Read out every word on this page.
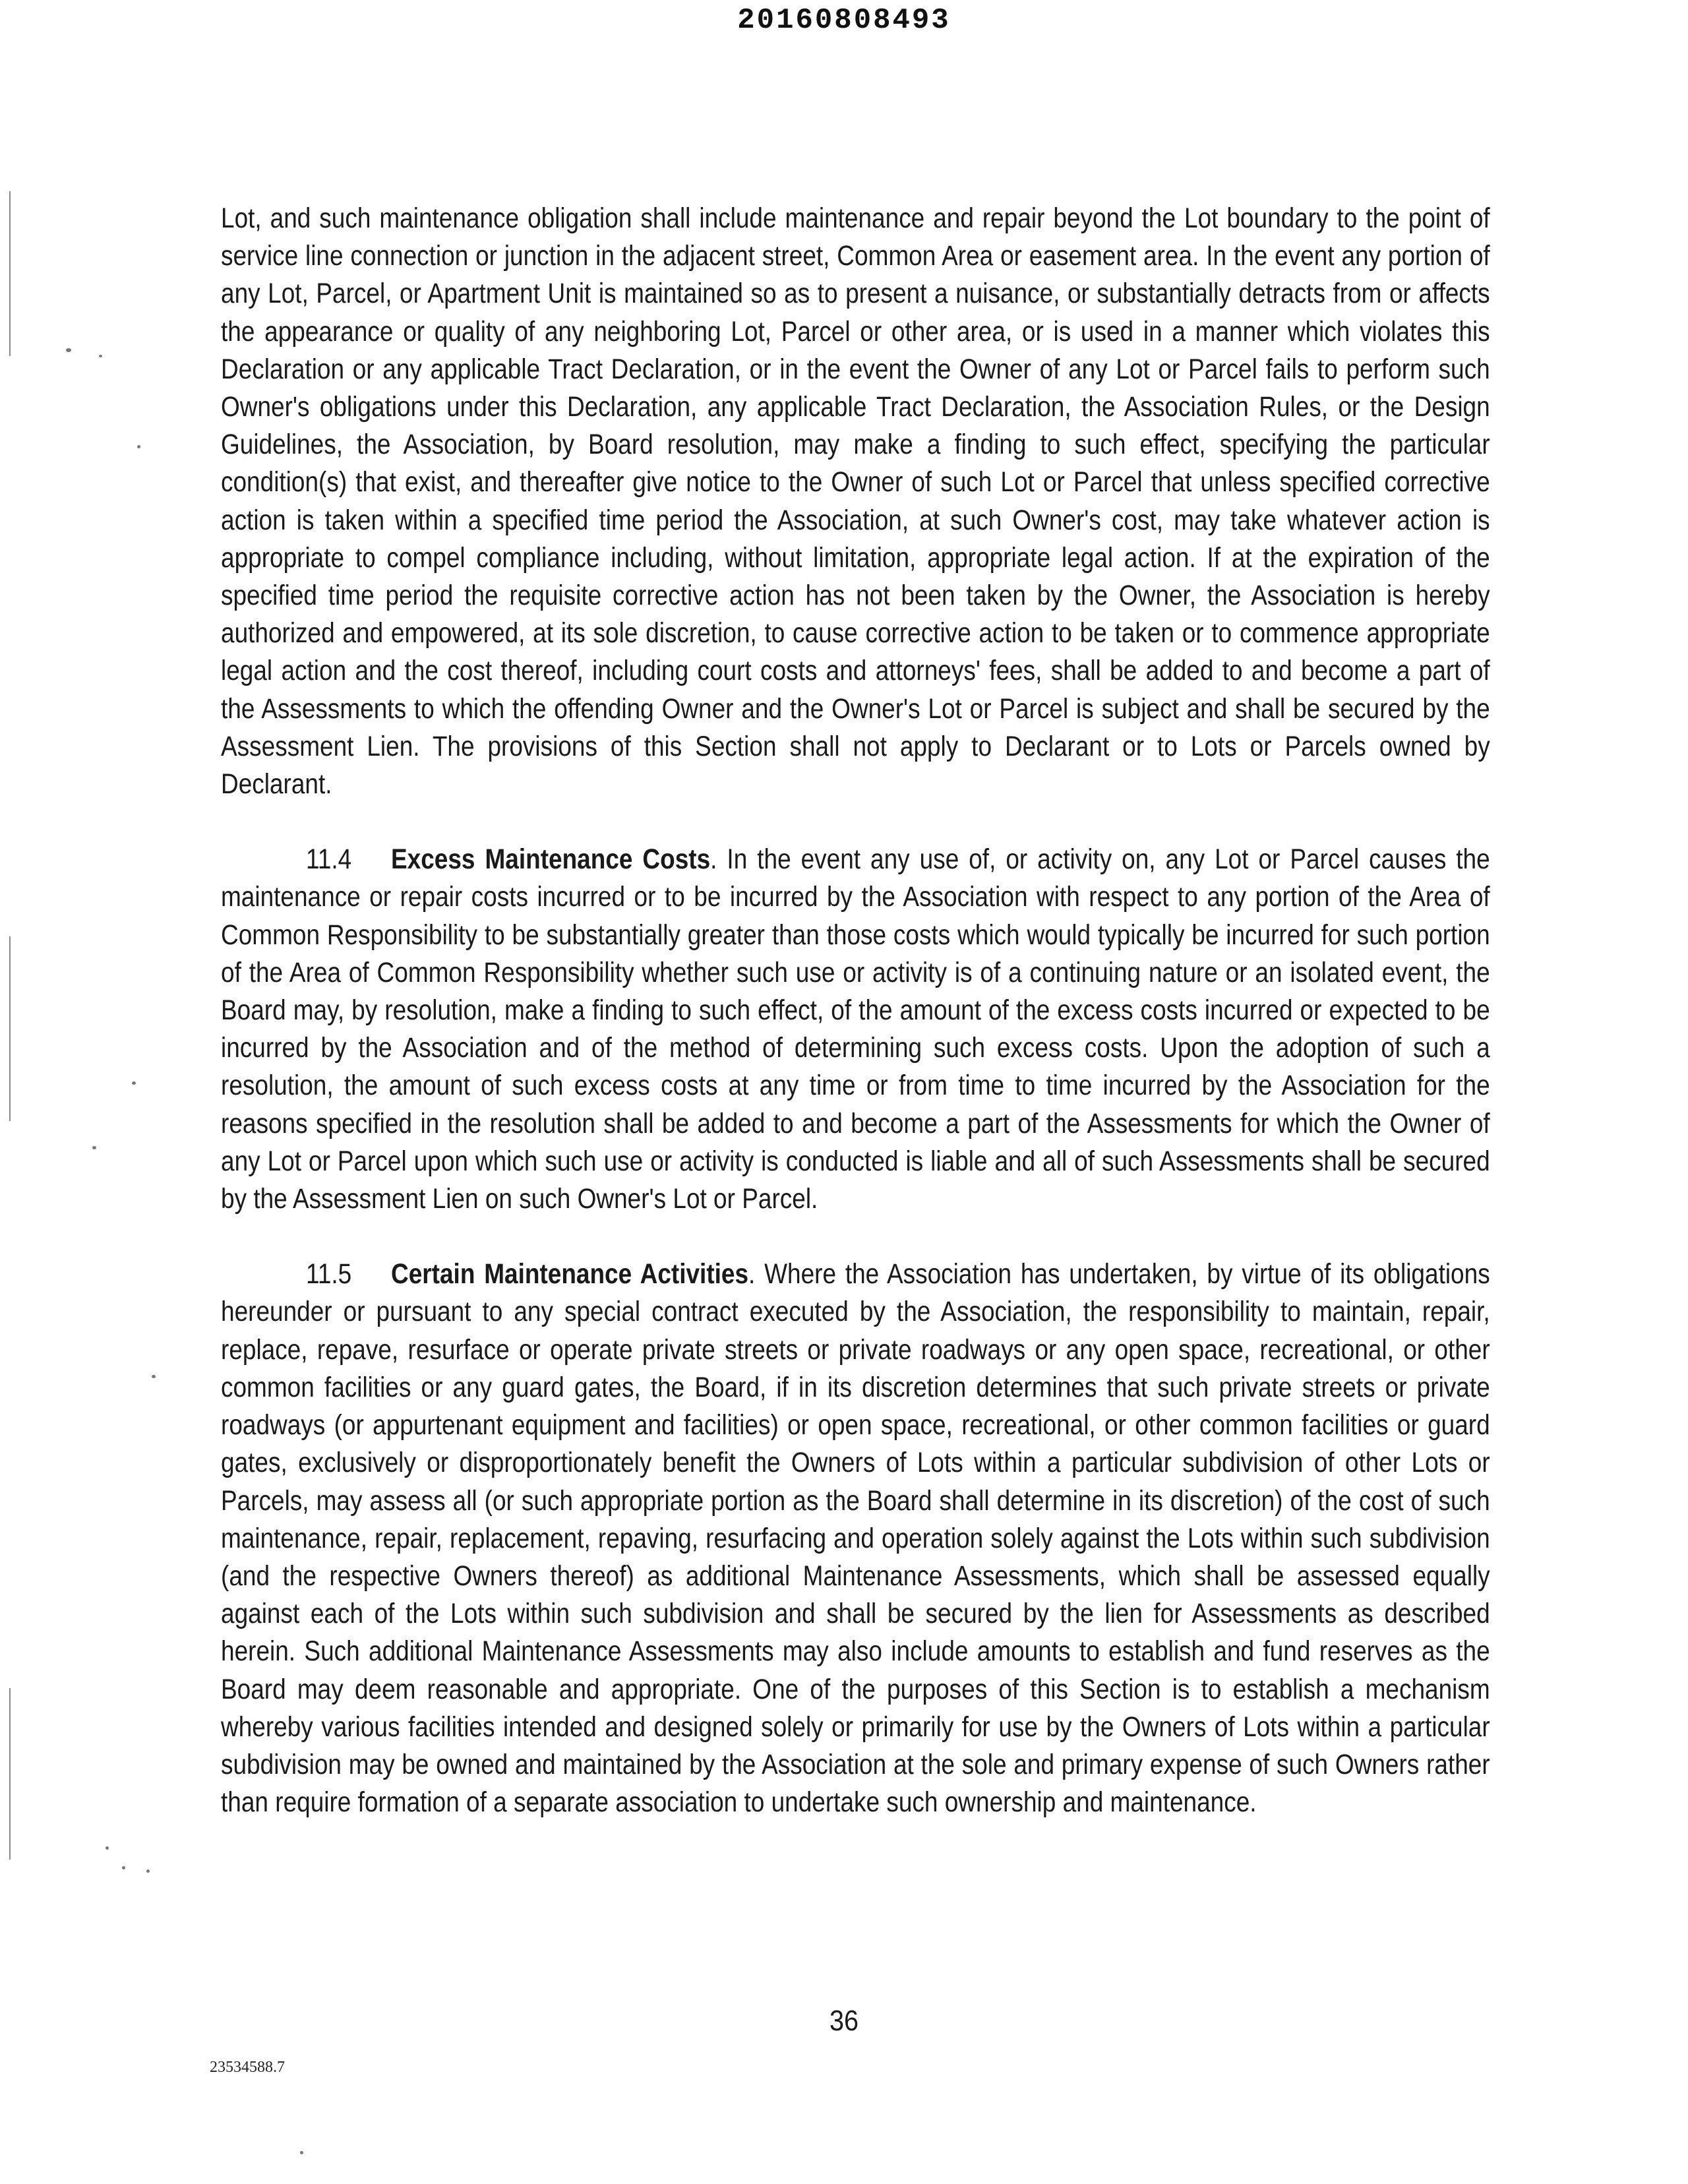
20160808493

Lot, and such maintenance obligation shall include maintenance and repair beyond the Lot boundary to the point of service line connection or junction in the adjacent street, Common Area or easement area. In the event any portion of any Lot, Parcel, or Apartment Unit is maintained so as to present a nuisance, or substantially detracts from or affects the appearance or quality of any neighboring Lot, Parcel or other area, or is used in a manner which violates this Declaration or any applicable Tract Declaration, or in the event the Owner of any Lot or Parcel fails to perform such Owner's obligations under this Declaration, any applicable Tract Declaration, the Association Rules, or the Design Guidelines, the Association, by Board resolution, may make a finding to such effect, specifying the particular condition(s) that exist, and thereafter give notice to the Owner of such Lot or Parcel that unless specified corrective action is taken within a specified time period the Association, at such Owner's cost, may take whatever action is appropriate to compel compliance including, without limitation, appropriate legal action. If at the expiration of the specified time period the requisite corrective action has not been taken by the Owner, the Association is hereby authorized and empowered, at its sole discretion, to cause corrective action to be taken or to commence appropriate legal action and the cost thereof, including court costs and attorneys' fees, shall be added to and become a part of the Assessments to which the offending Owner and the Owner's Lot or Parcel is subject and shall be secured by the Assessment Lien. The provisions of this Section shall not apply to Declarant or to Lots or Parcels owned by Declarant.

11.4 Excess Maintenance Costs. In the event any use of, or activity on, any Lot or Parcel causes the maintenance or repair costs incurred or to be incurred by the Association with respect to any portion of the Area of Common Responsibility to be substantially greater than those costs which would typically be incurred for such portion of the Area of Common Responsibility whether such use or activity is of a continuing nature or an isolated event, the Board may, by resolution, make a finding to such effect, of the amount of the excess costs incurred or expected to be incurred by the Association and of the method of determining such excess costs. Upon the adoption of such a resolution, the amount of such excess costs at any time or from time to time incurred by the Association for the reasons specified in the resolution shall be added to and become a part of the Assessments for which the Owner of any Lot or Parcel upon which such use or activity is conducted is liable and all of such Assessments shall be secured by the Assessment Lien on such Owner's Lot or Parcel.

11.5 Certain Maintenance Activities. Where the Association has undertaken, by virtue of its obligations hereunder or pursuant to any special contract executed by the Association, the responsibility to maintain, repair, replace, repave, resurface or operate private streets or private roadways or any open space, recreational, or other common facilities or any guard gates, the Board, if in its discretion determines that such private streets or private roadways (or appurtenant equipment and facilities) or open space, recreational, or other common facilities or guard gates, exclusively or disproportionately benefit the Owners of Lots within a particular subdivision of other Lots or Parcels, may assess all (or such appropriate portion as the Board shall determine in its discretion) of the cost of such maintenance, repair, replacement, repaving, resurfacing and operation solely against the Lots within such subdivision (and the respective Owners thereof) as additional Maintenance Assessments, which shall be assessed equally against each of the Lots within such subdivision and shall be secured by the lien for Assessments as described herein. Such additional Maintenance Assessments may also include amounts to establish and fund reserves as the Board may deem reasonable and appropriate. One of the purposes of this Section is to establish a mechanism whereby various facilities intended and designed solely or primarily for use by the Owners of Lots within a particular subdivision may be owned and maintained by the Association at the sole and primary expense of such Owners rather than require formation of a separate association to undertake such ownership and maintenance.

36
23534588.7
